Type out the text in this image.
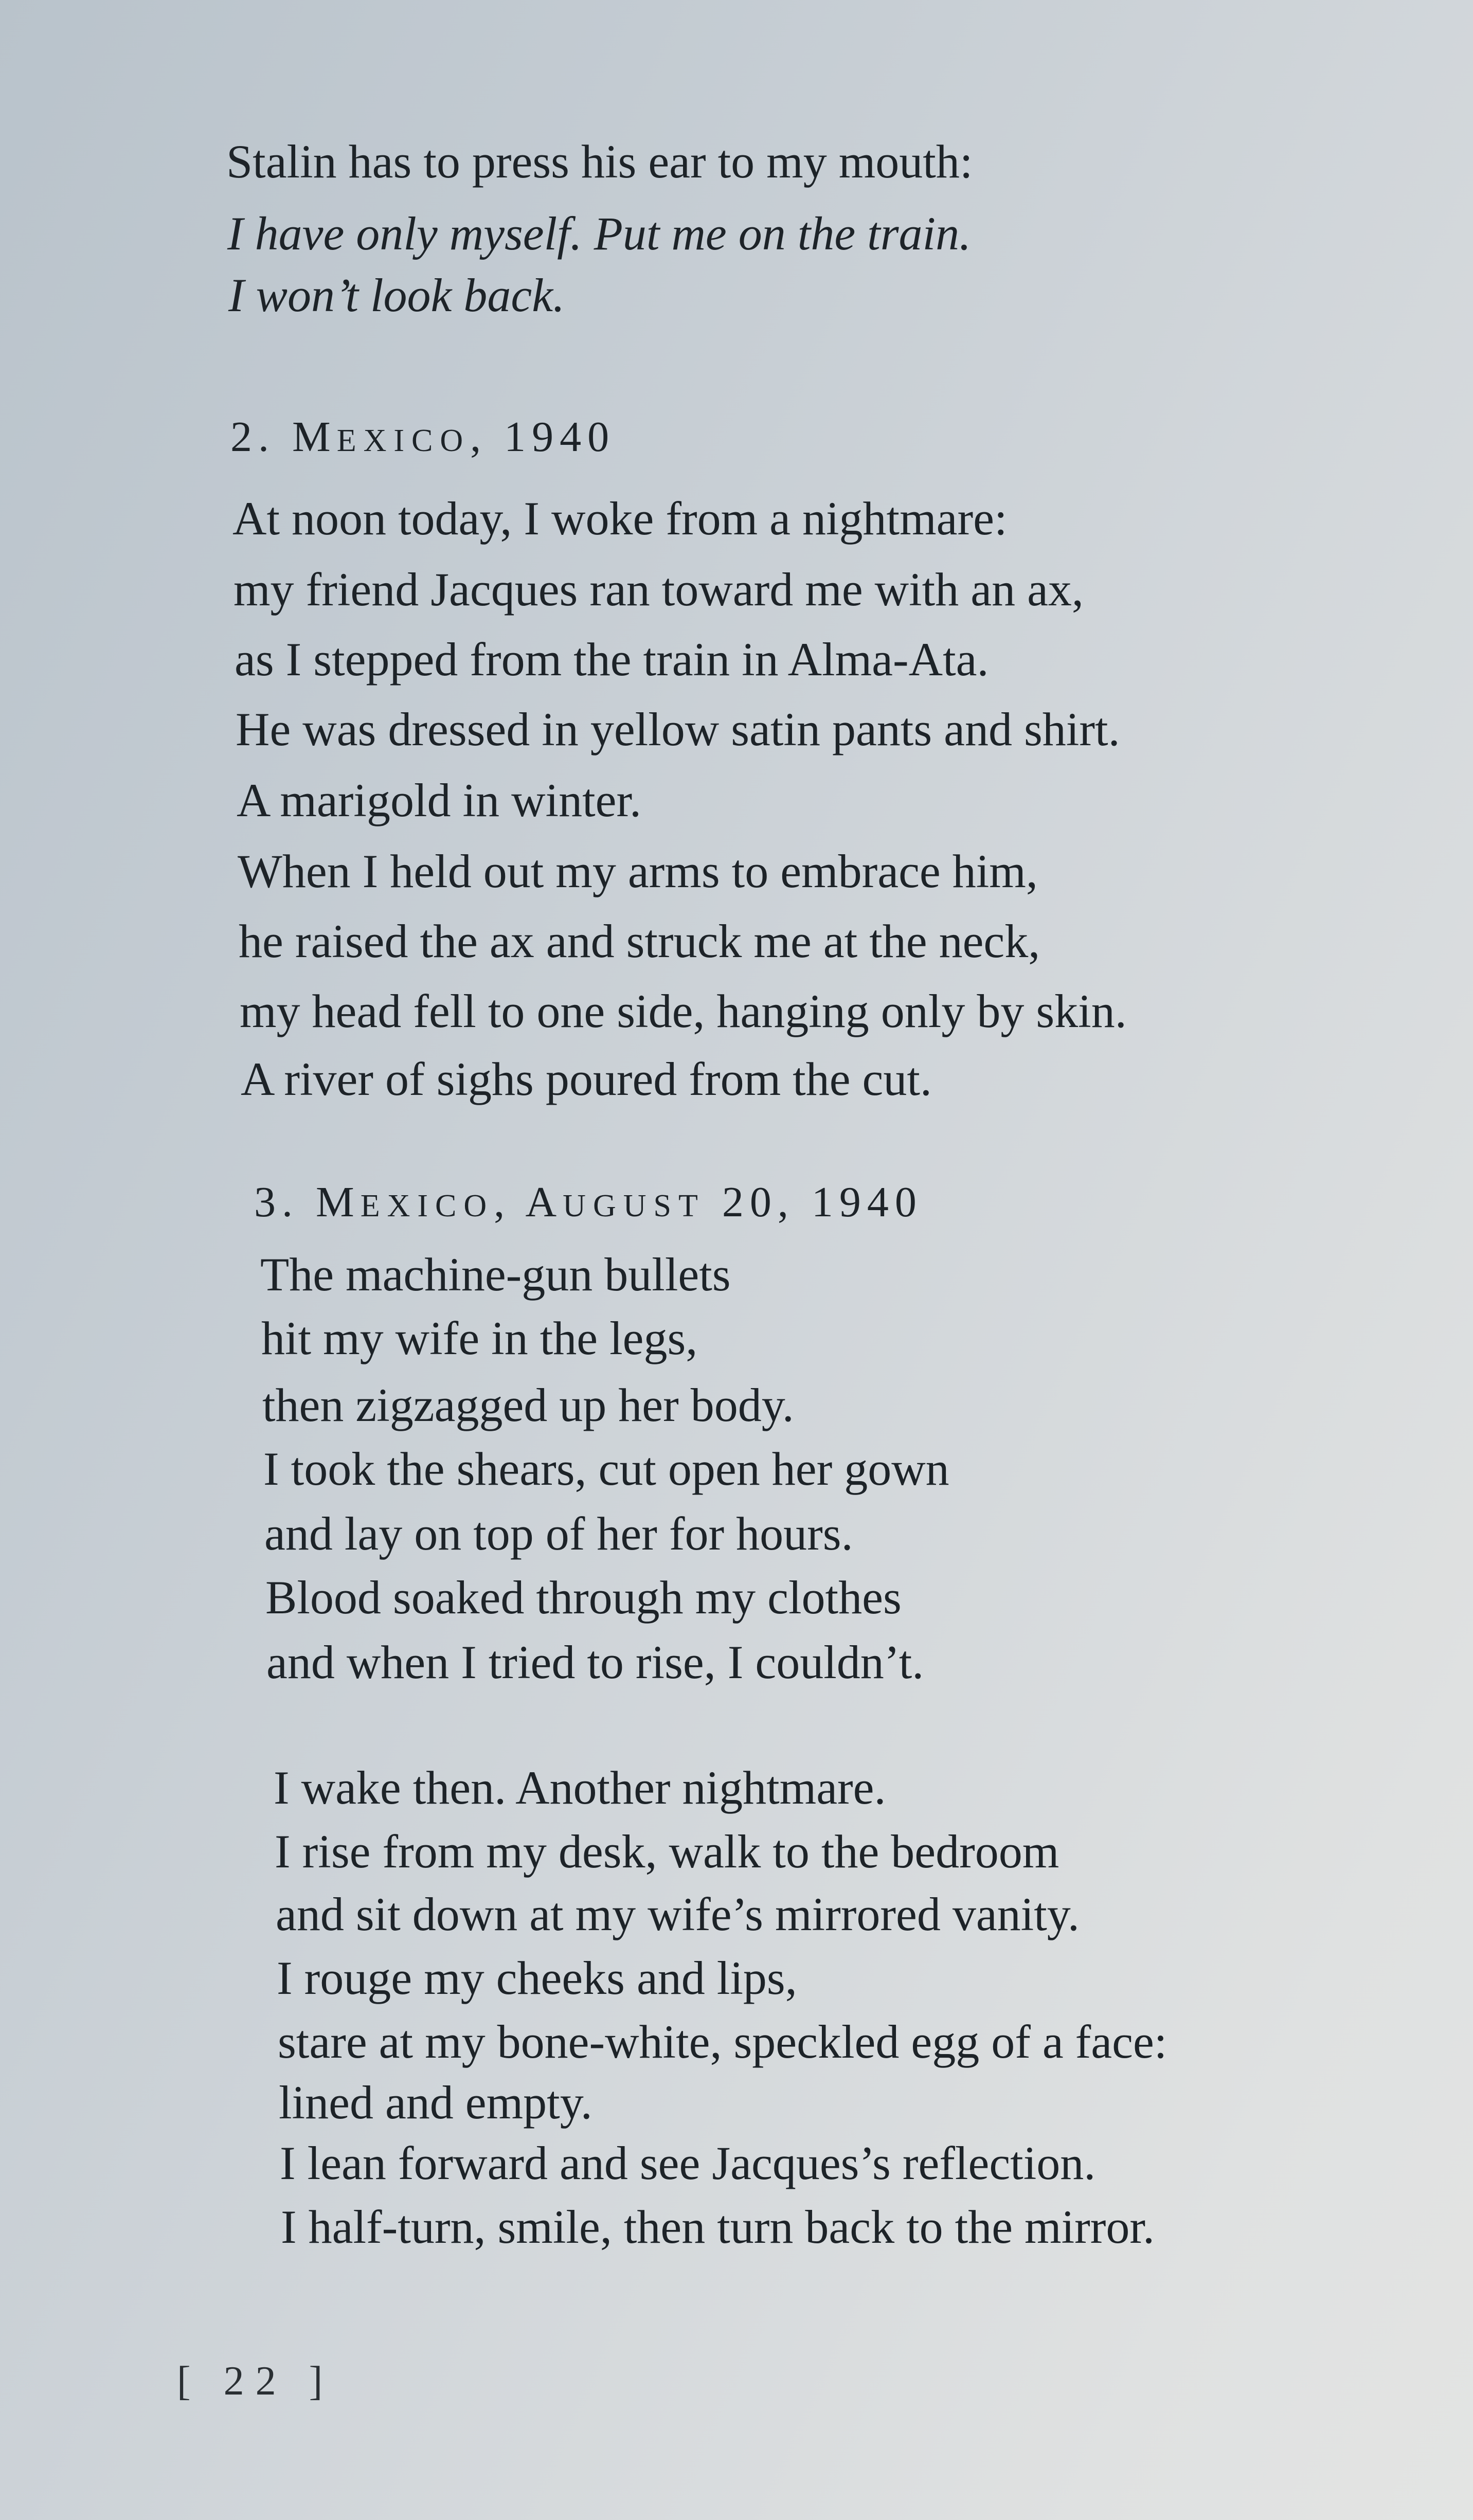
Stalin has to press his ear to my mouth:
I have only myself. Put me on the train.
I won’t look back.
2. MEXICO, 1940
At noon today, I woke from a nightmare:
my friend Jacques ran toward me with an ax,
as I stepped from the train in Alma-Ata.
He was dressed in yellow satin pants and shirt.
A marigold in winter.
When I held out my arms to embrace him,
he raised the ax and struck me at the neck,
my head fell to one side, hanging only by skin.
A river of sighs poured from the cut.
3. MEXICO, AUGUST 20, 1940
The machine-gun bullets
hit my wife in the legs,
then zigzagged up her body.
I took the shears, cut open her gown
and lay on top of her for hours.
Blood soaked through my clothes
and when I tried to rise, I couldn’t.
I wake then. Another nightmare.
I rise from my desk, walk to the bedroom
and sit down at my wife’s mirrored vanity.
I rouge my cheeks and lips,
stare at my bone-white, speckled egg of a face:
lined and empty.
I lean forward and see Jacques’s reflection.
I half-turn, smile, then turn back to the mirror.
[ 22 ]
